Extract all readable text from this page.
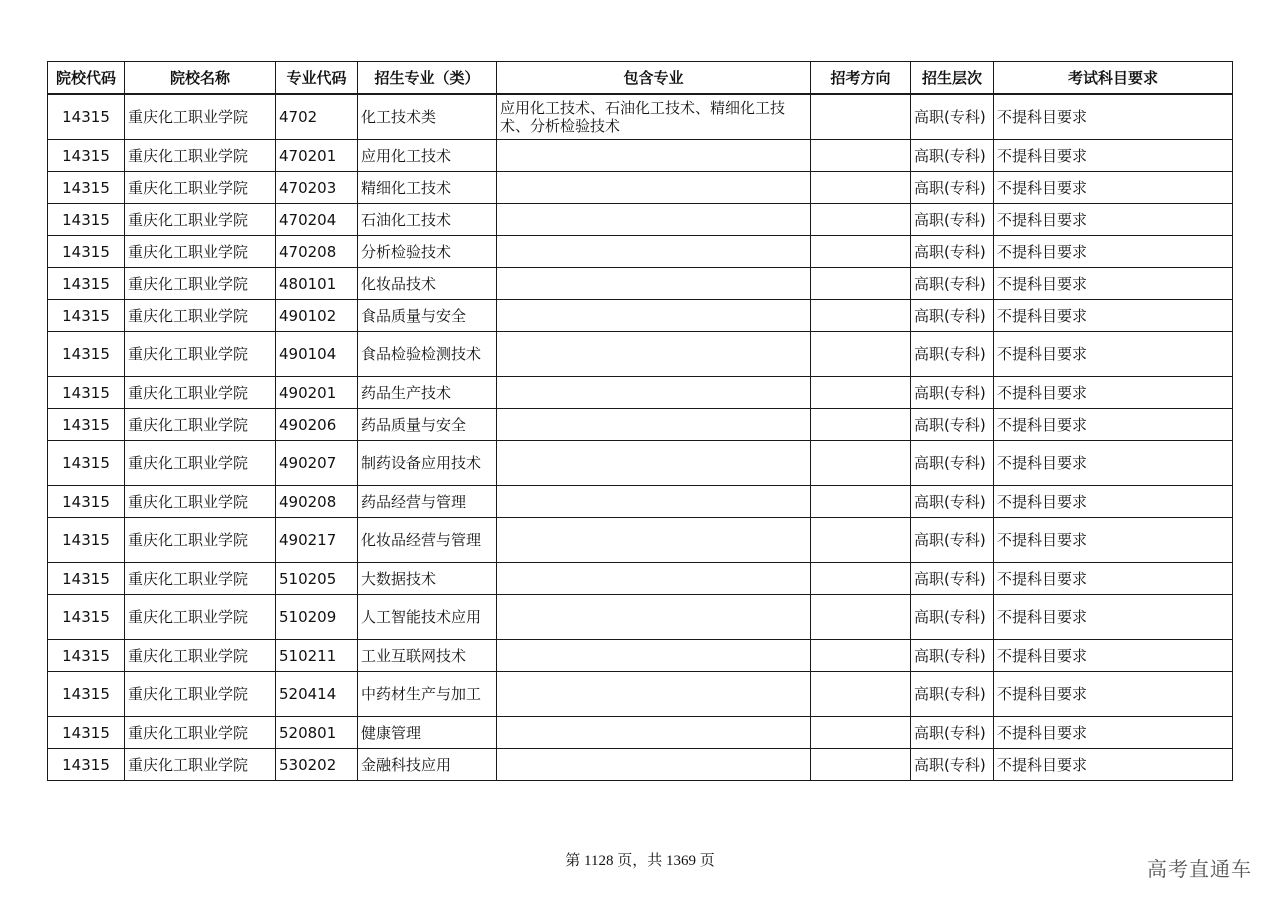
院校代码	院校名称	专业代码	招生专业（类）	包含专业	招考方向	招生层次	考试科目要求
14315	重庆化工职业学院	4702	化工技术类	应用化工技术、石油化工技术、精细化工技术、分析检验技术		高职(专科)	不提科目要求
14315	重庆化工职业学院	470201	应用化工技术			高职(专科)	不提科目要求
14315	重庆化工职业学院	470203	精细化工技术			高职(专科)	不提科目要求
14315	重庆化工职业学院	470204	石油化工技术			高职(专科)	不提科目要求
14315	重庆化工职业学院	470208	分析检验技术			高职(专科)	不提科目要求
14315	重庆化工职业学院	480101	化妆品技术			高职(专科)	不提科目要求
14315	重庆化工职业学院	490102	食品质量与安全			高职(专科)	不提科目要求
14315	重庆化工职业学院	490104	食品检验检测技术			高职(专科)	不提科目要求
14315	重庆化工职业学院	490201	药品生产技术			高职(专科)	不提科目要求
14315	重庆化工职业学院	490206	药品质量与安全			高职(专科)	不提科目要求
14315	重庆化工职业学院	490207	制药设备应用技术			高职(专科)	不提科目要求
14315	重庆化工职业学院	490208	药品经营与管理			高职(专科)	不提科目要求
14315	重庆化工职业学院	490217	化妆品经营与管理			高职(专科)	不提科目要求
14315	重庆化工职业学院	510205	大数据技术			高职(专科)	不提科目要求
14315	重庆化工职业学院	510209	人工智能技术应用			高职(专科)	不提科目要求
14315	重庆化工职业学院	510211	工业互联网技术			高职(专科)	不提科目要求
14315	重庆化工职业学院	520414	中药材生产与加工			高职(专科)	不提科目要求
14315	重庆化工职业学院	520801	健康管理			高职(专科)	不提科目要求
14315	重庆化工职业学院	530202	金融科技应用			高职(专科)	不提科目要求
第 1128 页，共 1369 页	高考直通车
